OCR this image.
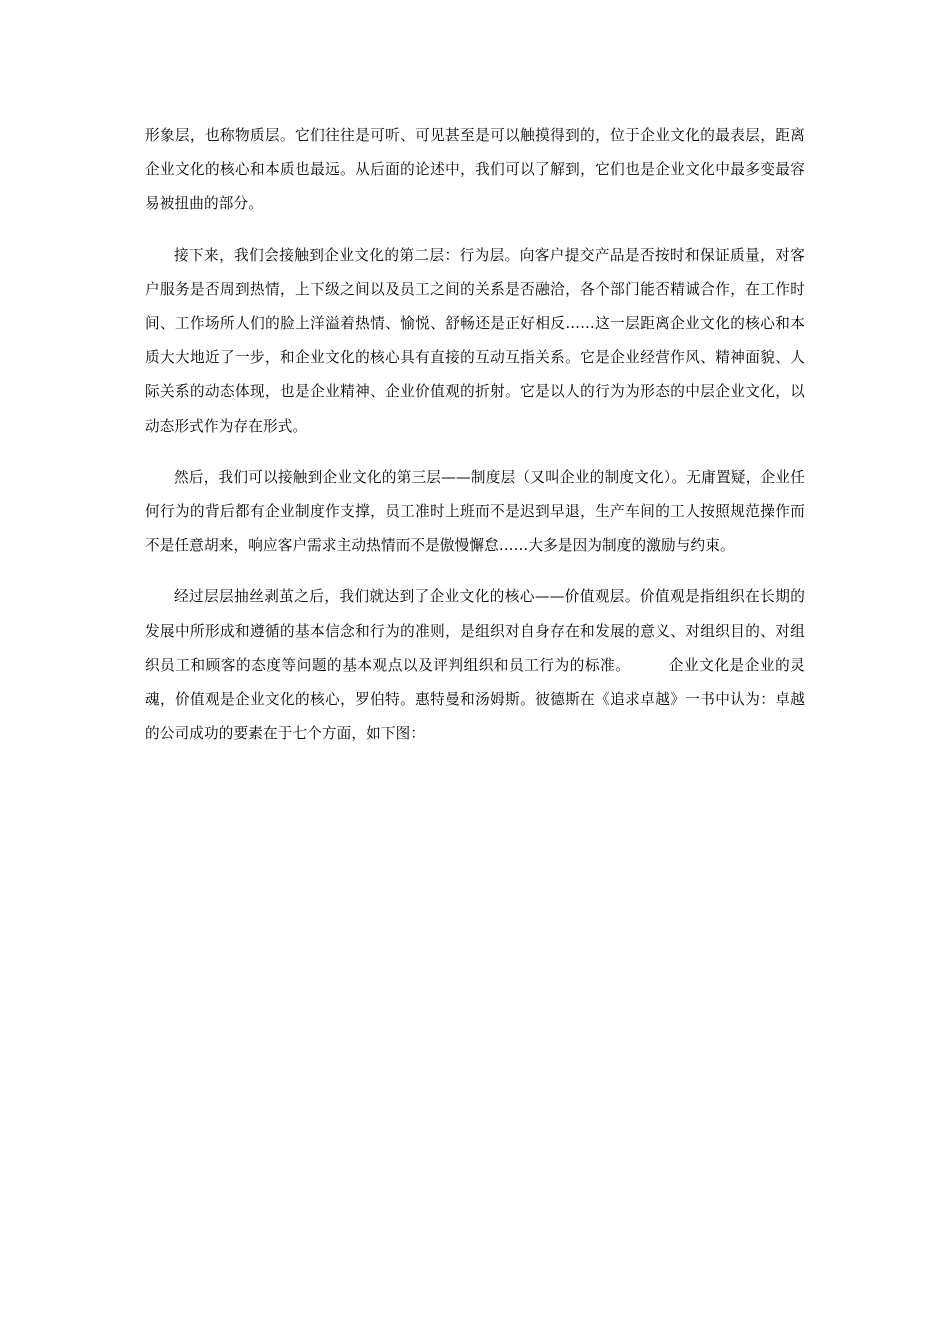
形象层，也称物质层。它们往往是可听、可见甚至是可以触摸得到的，位于企业文化的最表层，距离企业文化的核心和本质也最远。从后面的论述中，我们可以了解到，它们也是企业文化中最多变最容易被扭曲的部分。

接下来，我们会接触到企业文化的第二层：行为层。向客户提交产品是否按时和保证质量，对客户服务是否周到热情，上下级之间以及员工之间的关系是否融洽，各个部门能否精诚合作，在工作时间、工作场所人们的脸上洋溢着热情、愉悦、舒畅还是正好相反……这一层距离企业文化的核心和本质大大地近了一步，和企业文化的核心具有直接的互动互指关系。它是企业经营作风、精神面貌、人际关系的动态体现，也是企业精神、企业价值观的折射。它是以人的行为为形态的中层企业文化，以动态形式作为存在形式。

然后，我们可以接触到企业文化的第三层——制度层（又叫企业的制度文化）。无庸置疑，企业任何行为的背后都有企业制度作支撑，员工准时上班而不是迟到早退，生产车间的工人按照规范操作而不是任意胡来，响应客户需求主动热情而不是傲慢懈怠……大多是因为制度的激励与约束。

经过层层抽丝剥茧之后，我们就达到了企业文化的核心——价值观层。价值观是指组织在长期的发展中所形成和遵循的基本信念和行为的准则，是组织对自身存在和发展的意义、对组织目的、对组织员工和顾客的态度等问题的基本观点以及评判组织和员工行为的标准。	企业文化是企业的灵魂，价值观是企业文化的核心，罗伯特。惠特曼和汤姆斯。彼德斯在《追求卓越》一书中认为：卓越的公司成功的要素在于七个方面，如下图：
